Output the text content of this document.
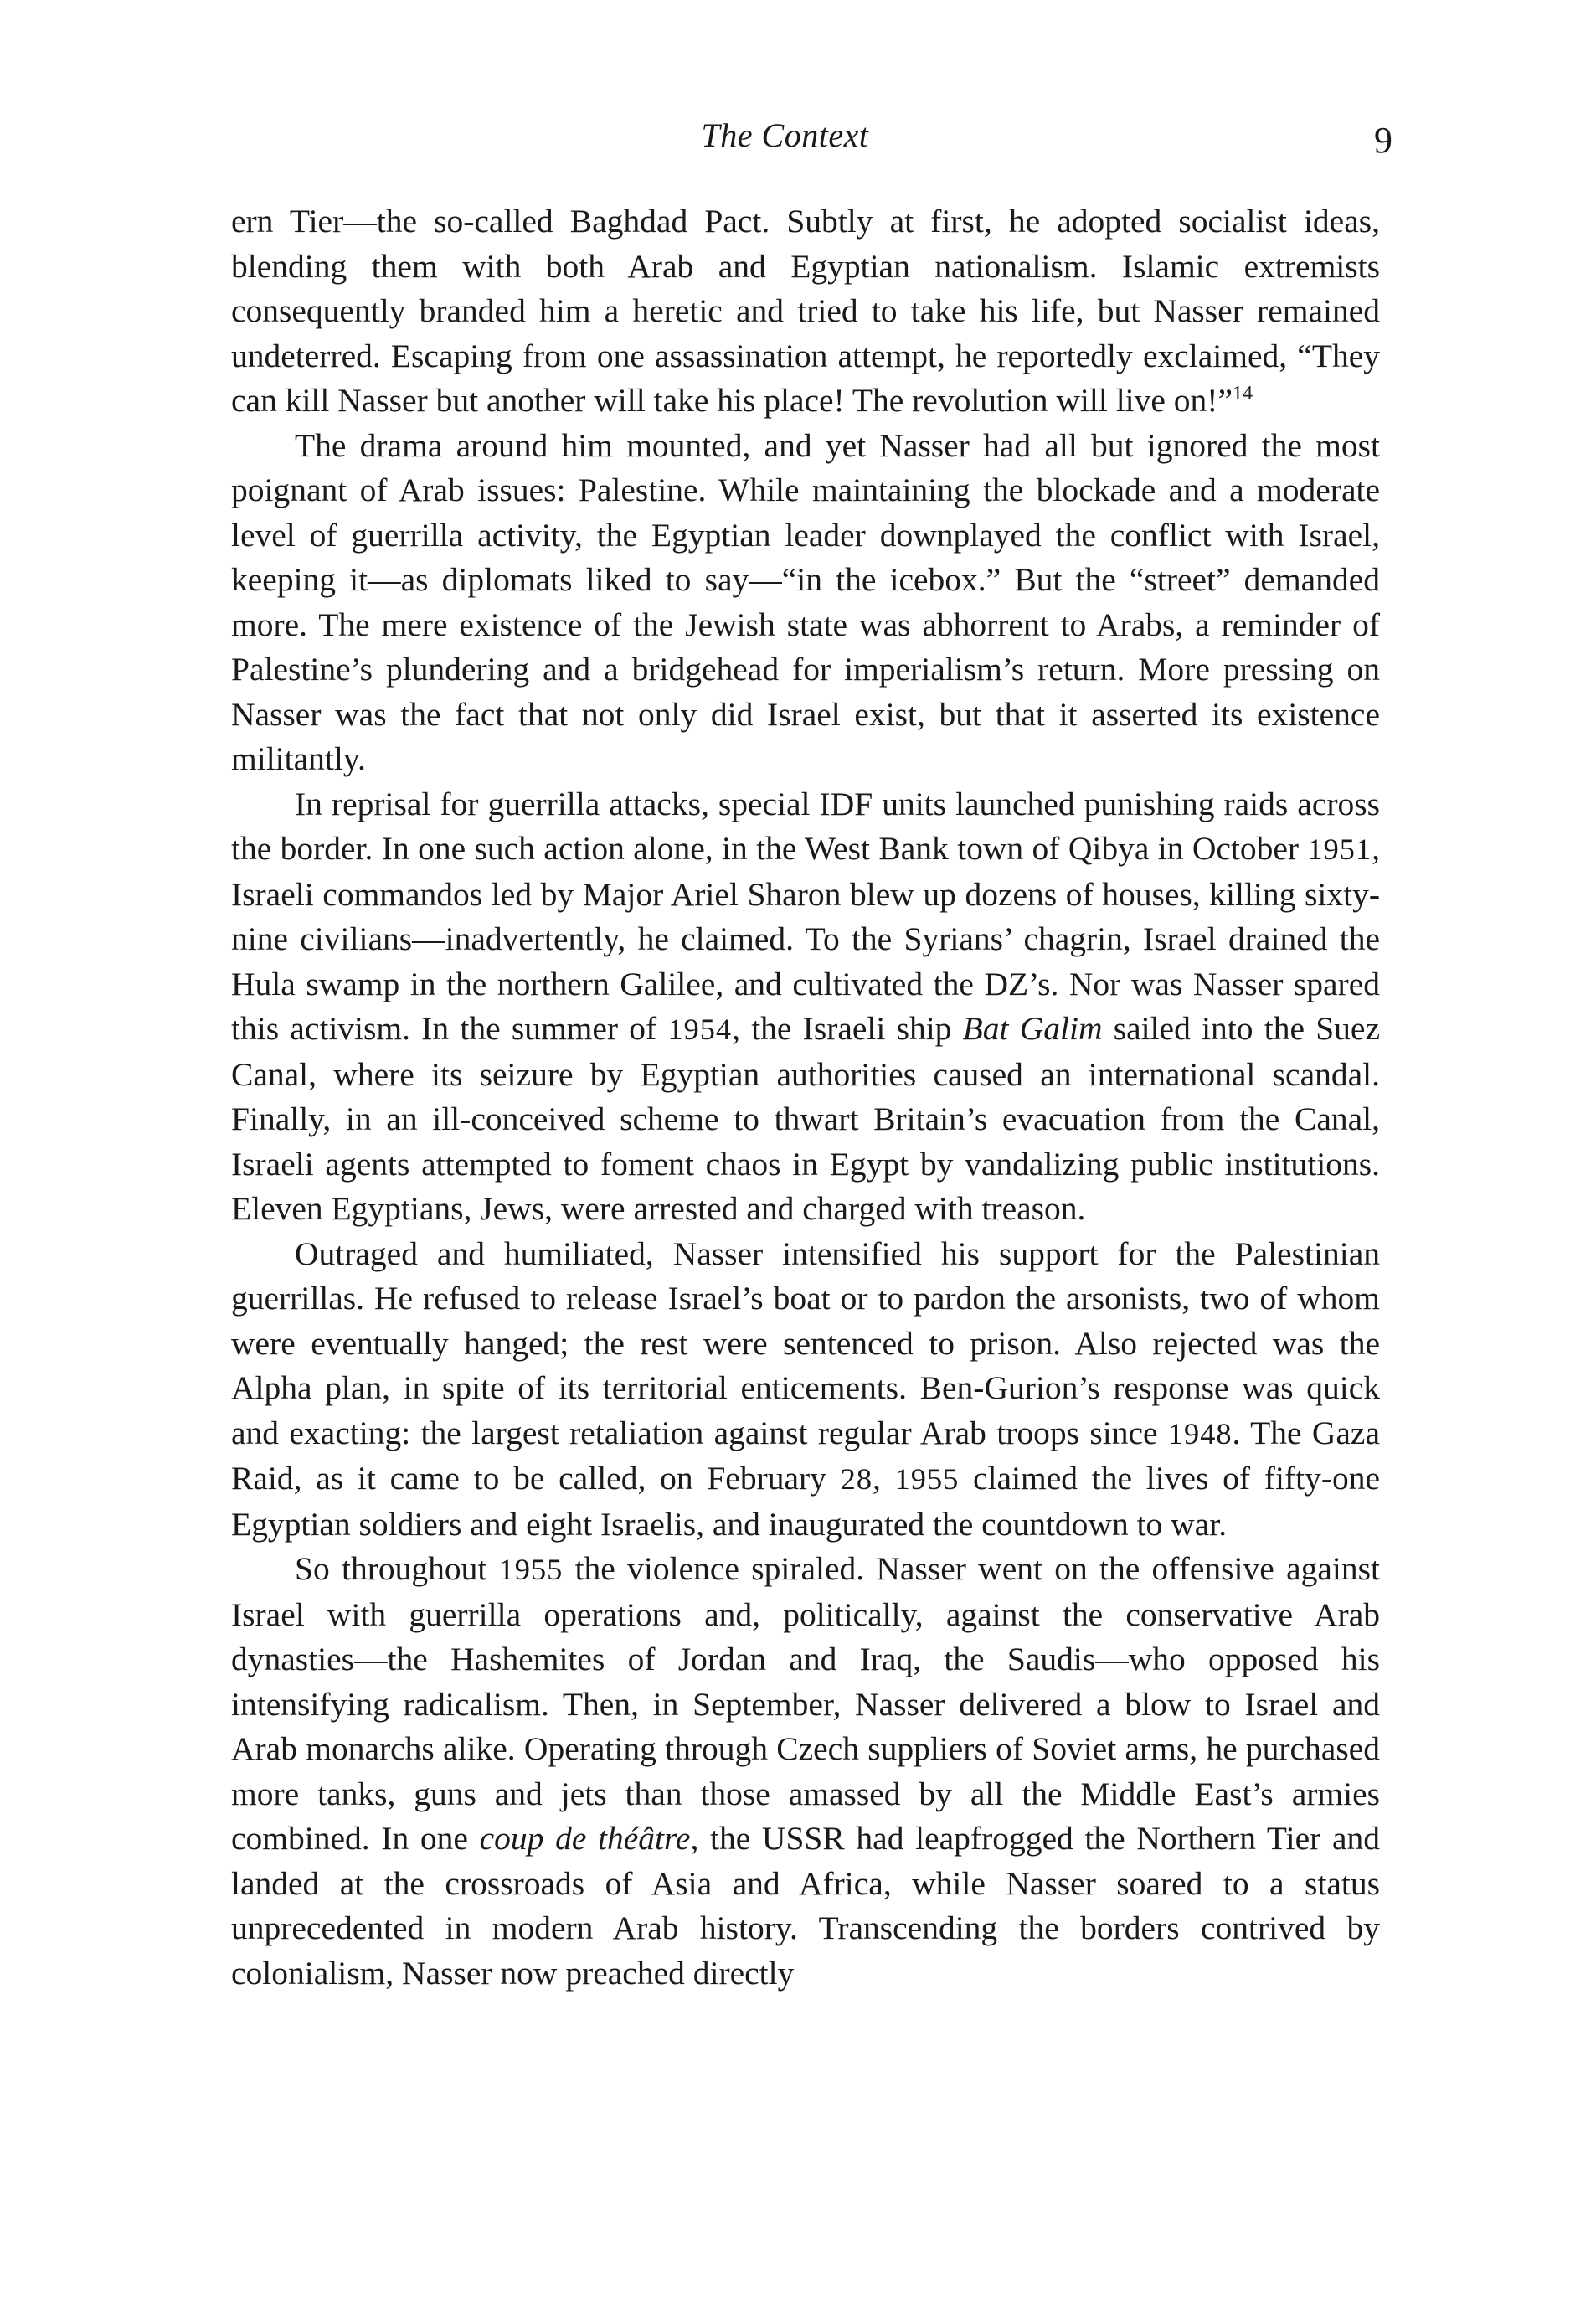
The Context	9

ern Tier—the so-called Baghdad Pact. Subtly at first, he adopted socialist ideas, blending them with both Arab and Egyptian nationalism. Islamic extremists consequently branded him a heretic and tried to take his life, but Nasser remained undeterred. Escaping from one assassination attempt, he reportedly exclaimed, “They can kill Nasser but another will take his place! The revolution will live on!”$^{14}$

The drama around him mounted, and yet Nasser had all but ignored the most poignant of Arab issues: Palestine. While maintaining the blockade and a moderate level of guerrilla activity, the Egyptian leader downplayed the conflict with Israel, keeping it—as diplomats liked to say—“in the icebox.” But the “street” demanded more. The mere existence of the Jewish state was abhorrent to Arabs, a reminder of Palestine’s plundering and a bridgehead for imperialism’s return. More pressing on Nasser was the fact that not only did Israel exist, but that it asserted its existence militantly.

In reprisal for guerrilla attacks, special IDF units launched punishing raids across the border. In one such action alone, in the West Bank town of Qibya in October 1951, Israeli commandos led by Major Ariel Sharon blew up dozens of houses, killing sixty-nine civilians—inadvertently, he claimed. To the Syrians’ chagrin, Israel drained the Hula swamp in the northern Galilee, and cultivated the DZ’s. Nor was Nasser spared this activism. In the summer of 1954, the Israeli ship Bat Galim sailed into the Suez Canal, where its seizure by Egyptian authorities caused an international scandal. Finally, in an ill-conceived scheme to thwart Britain’s evacuation from the Canal, Israeli agents attempted to foment chaos in Egypt by vandalizing public institutions. Eleven Egyptians, Jews, were arrested and charged with treason.

Outraged and humiliated, Nasser intensified his support for the Palestinian guerrillas. He refused to release Israel’s boat or to pardon the arsonists, two of whom were eventually hanged; the rest were sentenced to prison. Also rejected was the Alpha plan, in spite of its territorial enticements. Ben-Gurion’s response was quick and exacting: the largest retaliation against regular Arab troops since 1948. The Gaza Raid, as it came to be called, on February 28, 1955 claimed the lives of fifty-one Egyptian soldiers and eight Israelis, and inaugurated the countdown to war.

So throughout 1955 the violence spiraled. Nasser went on the offensive against Israel with guerrilla operations and, politically, against the conservative Arab dynasties—the Hashemites of Jordan and Iraq, the Saudis—who opposed his intensifying radicalism. Then, in September, Nasser delivered a blow to Israel and Arab monarchs alike. Operating through Czech suppliers of Soviet arms, he purchased more tanks, guns and jets than those amassed by all the Middle East’s armies combined. In one coup de théâtre, the USSR had leapfrogged the Northern Tier and landed at the crossroads of Asia and Africa, while Nasser soared to a status unprecedented in modern Arab history. Transcending the borders contrived by colonialism, Nasser now preached directly
